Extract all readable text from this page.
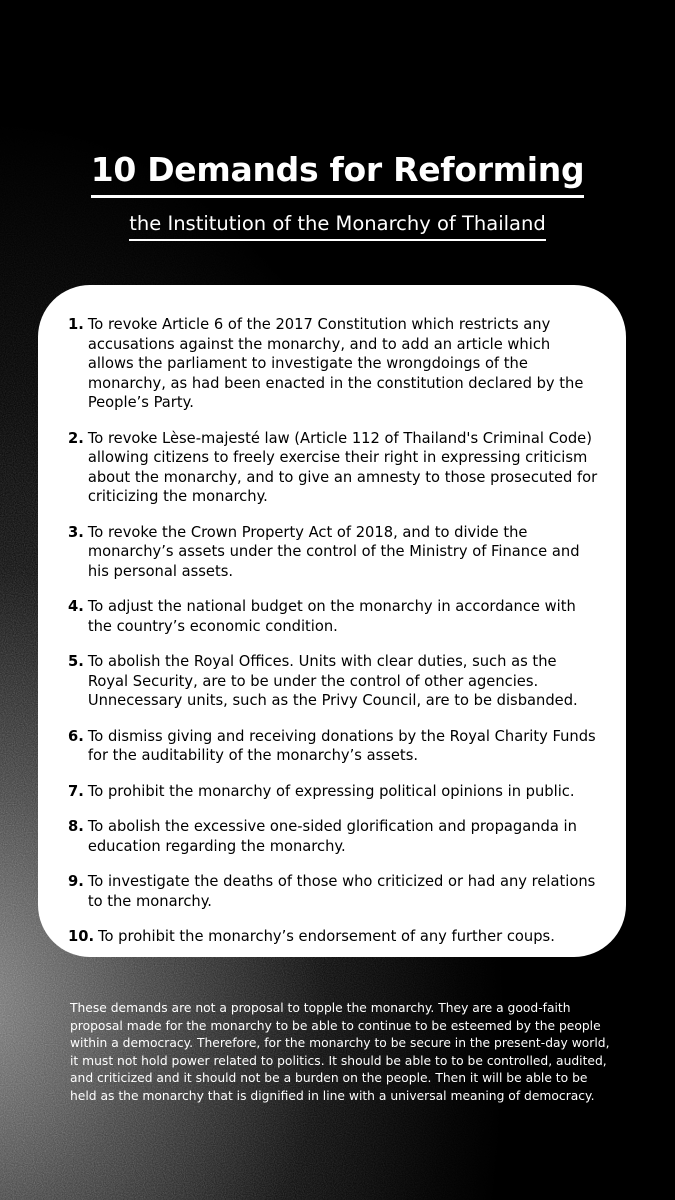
10 Demands for Reforming
the Institution of the Monarchy of Thailand
1. To revoke Article 6 of the 2017 Constitution which restricts any accusations against the monarchy, and to add an article which allows the parliament to investigate the wrongdoings of the monarchy, as had been enacted in the constitution declared by the People’s Party.
2. To revoke Lèse-majesté law (Article 112 of Thailand's Criminal Code) allowing citizens to freely exercise their right in expressing criticism about the monarchy, and to give an amnesty to those prosecuted for criticizing the monarchy.
3. To revoke the Crown Property Act of 2018, and to divide the monarchy’s assets under the control of the Ministry of Finance and his personal assets.
4. To adjust the national budget on the monarchy in accordance with the country’s economic condition.
5. To abolish the Royal Offices. Units with clear duties, such as the Royal Security, are to be under the control of other agencies. Unnecessary units, such as the Privy Council, are to be disbanded.
6. To dismiss giving and receiving donations by the Royal Charity Funds for the auditability of the monarchy’s assets.
7. To prohibit the monarchy of expressing political opinions in public.
8. To abolish the excessive one-sided glorification and propaganda in education regarding the monarchy.
9. To investigate the deaths of those who criticized or had any relations to the monarchy.
10. To prohibit the monarchy’s endorsement of any further coups.

These demands are not a proposal to topple the monarchy. They are a good-faith proposal made for the monarchy to be able to continue to be esteemed by the people within a democracy. Therefore, for the monarchy to be secure in the present-day world, it must not hold power related to politics. It should be able to to be controlled, audited, and criticized and it should not be a burden on the people. Then it will be able to be held as the monarchy that is dignified in line with a universal meaning of democracy.
